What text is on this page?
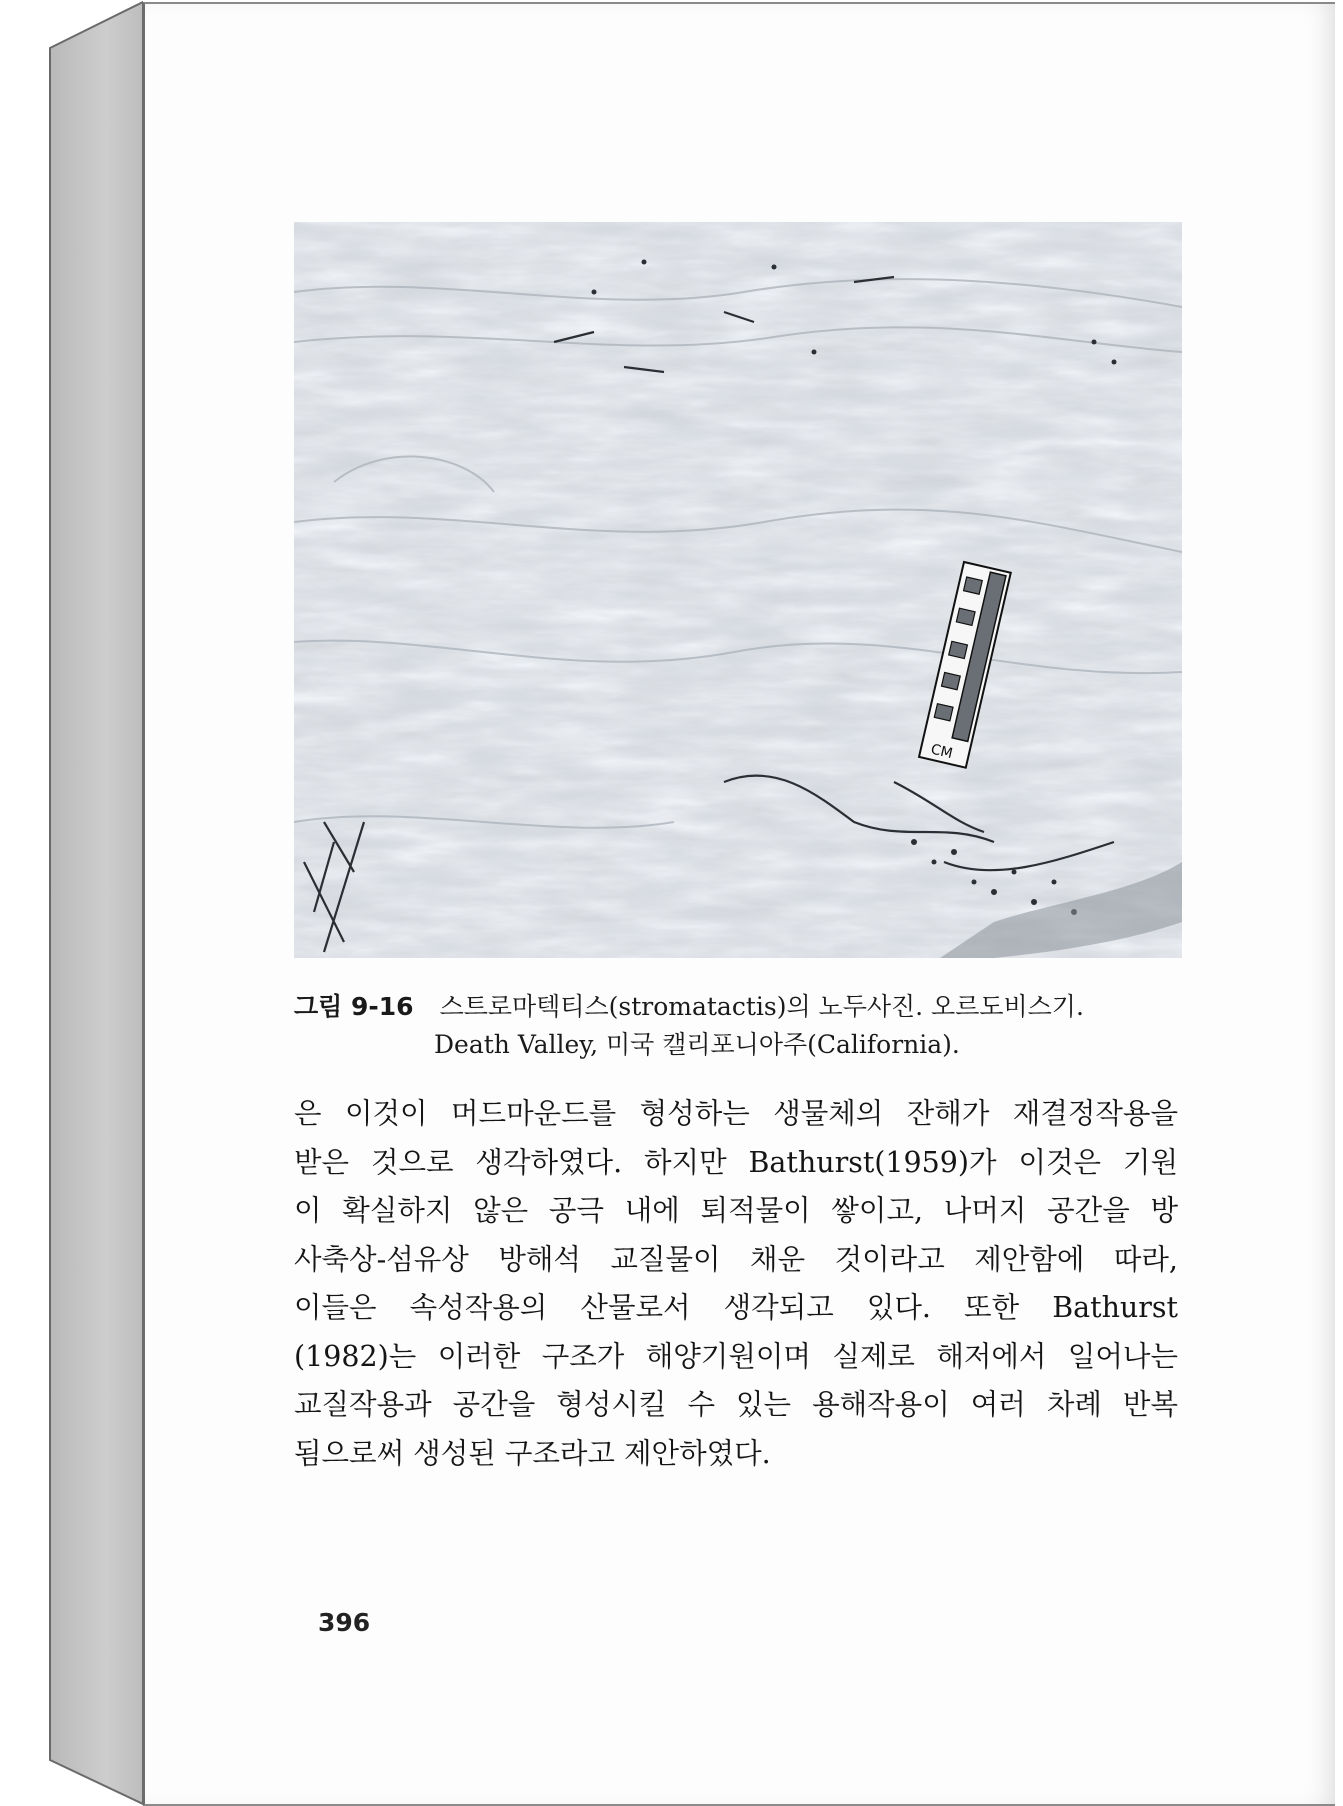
CM
그림 9-16 스트로마텍티스(stromatactis)의 노두사진. 오르도비스기.
Death Valley, 미국 캘리포니아주(California).
은 이것이 머드마운드를 형성하는 생물체의 잔해가 재결정작용을
받은 것으로 생각하였다. 하지만 Bathurst(1959)가 이것은 기원
이 확실하지 않은 공극 내에 퇴적물이 쌓이고, 나머지 공간을 방
사축상-섬유상 방해석 교질물이 채운 것이라고 제안함에 따라,
이들은 속성작용의 산물로서 생각되고 있다. 또한 Bathurst
(1982)는 이러한 구조가 해양기원이며 실제로 해저에서 일어나는
교질작용과 공간을 형성시킬 수 있는 용해작용이 여러 차례 반복
됨으로써 생성된 구조라고 제안하였다.
396
